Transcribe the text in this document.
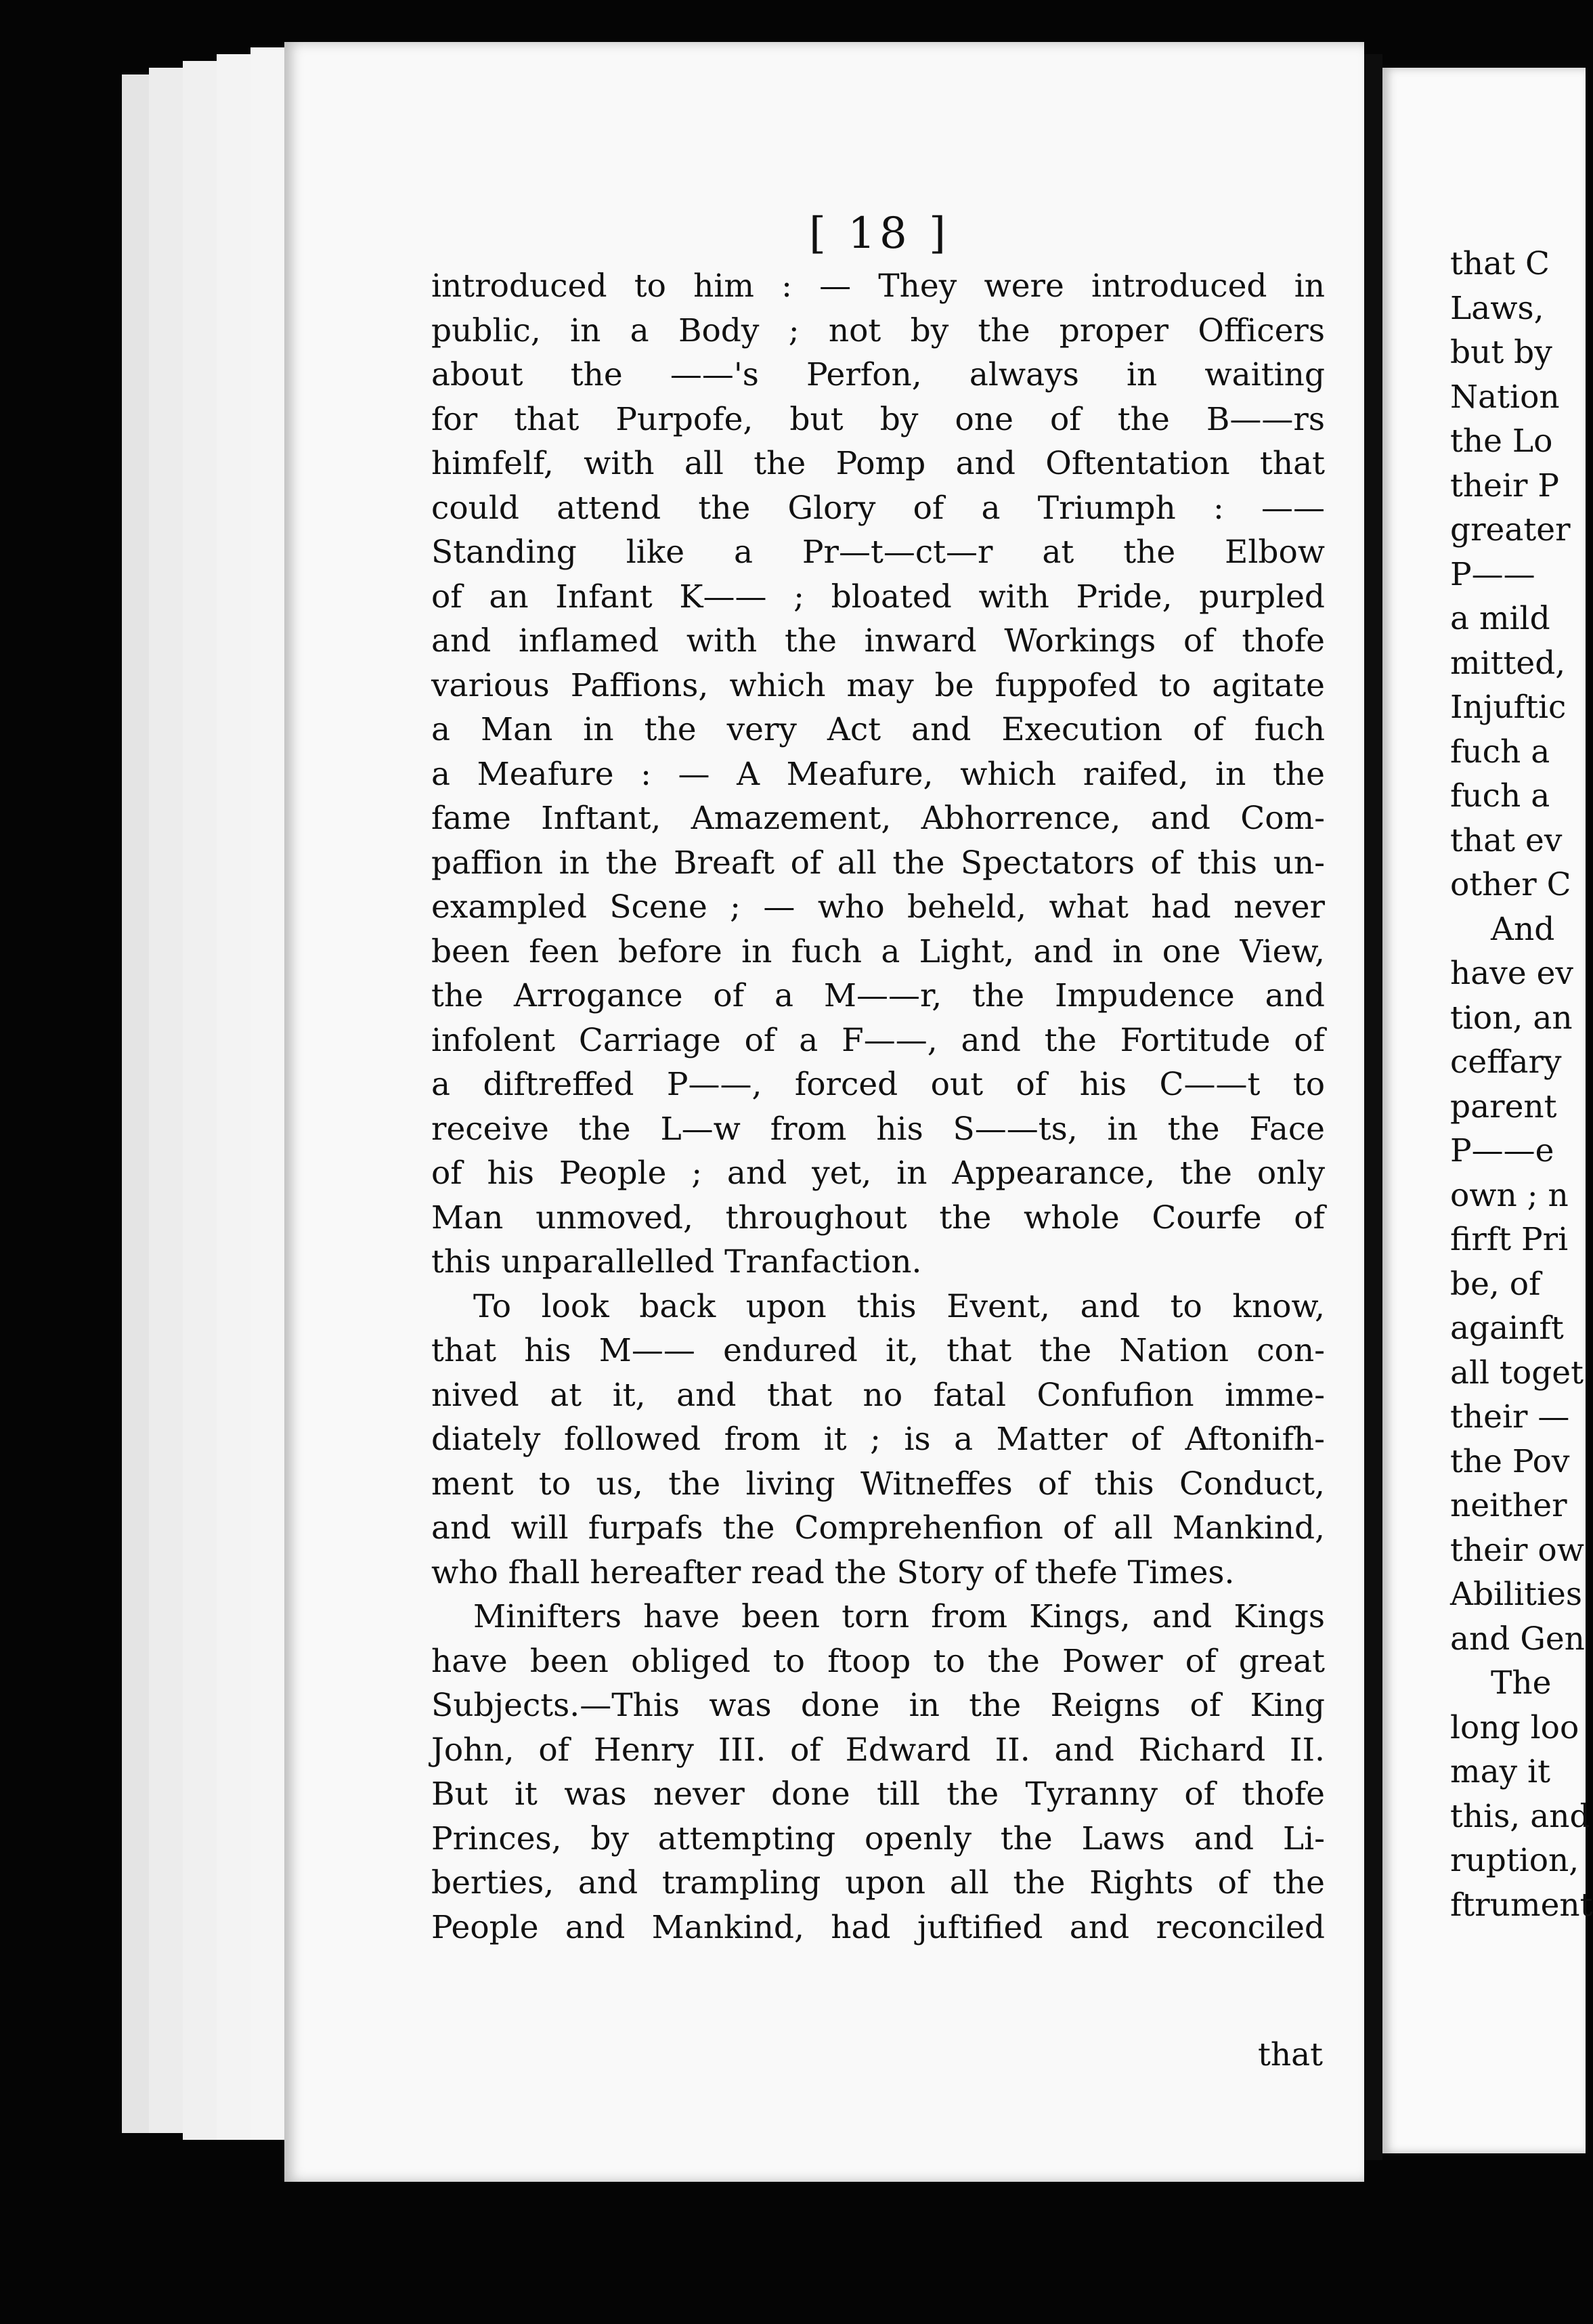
[ 18 ]
introduced to him : — They were introduced in
public, in a Body ; not by the proper Officers
about the ——'s Perfon, always in waiting
for that Purpofe, but by one of the B——rs
himfelf, with all the Pomp and Oftentation that
could attend the Glory of a Triumph : ——
Standing like a Pr—t—ct—r at the Elbow
of an Infant K—— ; bloated with Pride, purpled
and inflamed with the inward Workings of thofe
various Paffions, which may be fuppofed to agitate
a Man in the very Act and Execution of fuch
a Meafure : — A Meafure, which raifed, in the
fame Inftant, Amazement, Abhorrence, and Com-
paffion in the Breaft of all the Spectators of this un-
exampled Scene ; — who beheld, what had never
been feen before in fuch a Light, and in one View,
the Arrogance of a M——r, the Impudence and
infolent Carriage of a F——, and the Fortitude of
a diftreffed P——, forced out of his C——t to
receive the L—w from his S——ts, in the Face
of his People ; and yet, in Appearance, the only
Man unmoved, throughout the whole Courfe of
this unparallelled Tranfaction.
To look back upon this Event, and to know,
that his M—— endured it, that the Nation con-
nived at it, and that no fatal Confufion imme-
diately followed from it ; is a Matter of Aftonifh-
ment to us, the living Witneffes of this Conduct,
and will furpafs the Comprehenfion of all Mankind,
who fhall hereafter read the Story of thefe Times.
Minifters have been torn from Kings, and Kings
have been obliged to ftoop to the Power of great
Subjects.—This was done in the Reigns of King
John, of Henry III. of Edward II. and Richard II.
But it was never done till the Tyranny of thofe
Princes, by attempting openly the Laws and Li-
berties, and trampling upon all the Rights of the
People and Mankind, had juftified and reconciled
that
that C
Laws,
but by
Nation
the Lo
their P
greater
P——
a mild
mitted,
Injuftic
fuch a
fuch a
that ev
other C
And
have ev
tion, an
ceffary
parent
P——e
own ; n
firft Pri
be, of
againft
all toget
their —
the Pov
neither
their ow
Abilities
and Gen
The
long loo
may it
this, and
ruption,
ftrument
